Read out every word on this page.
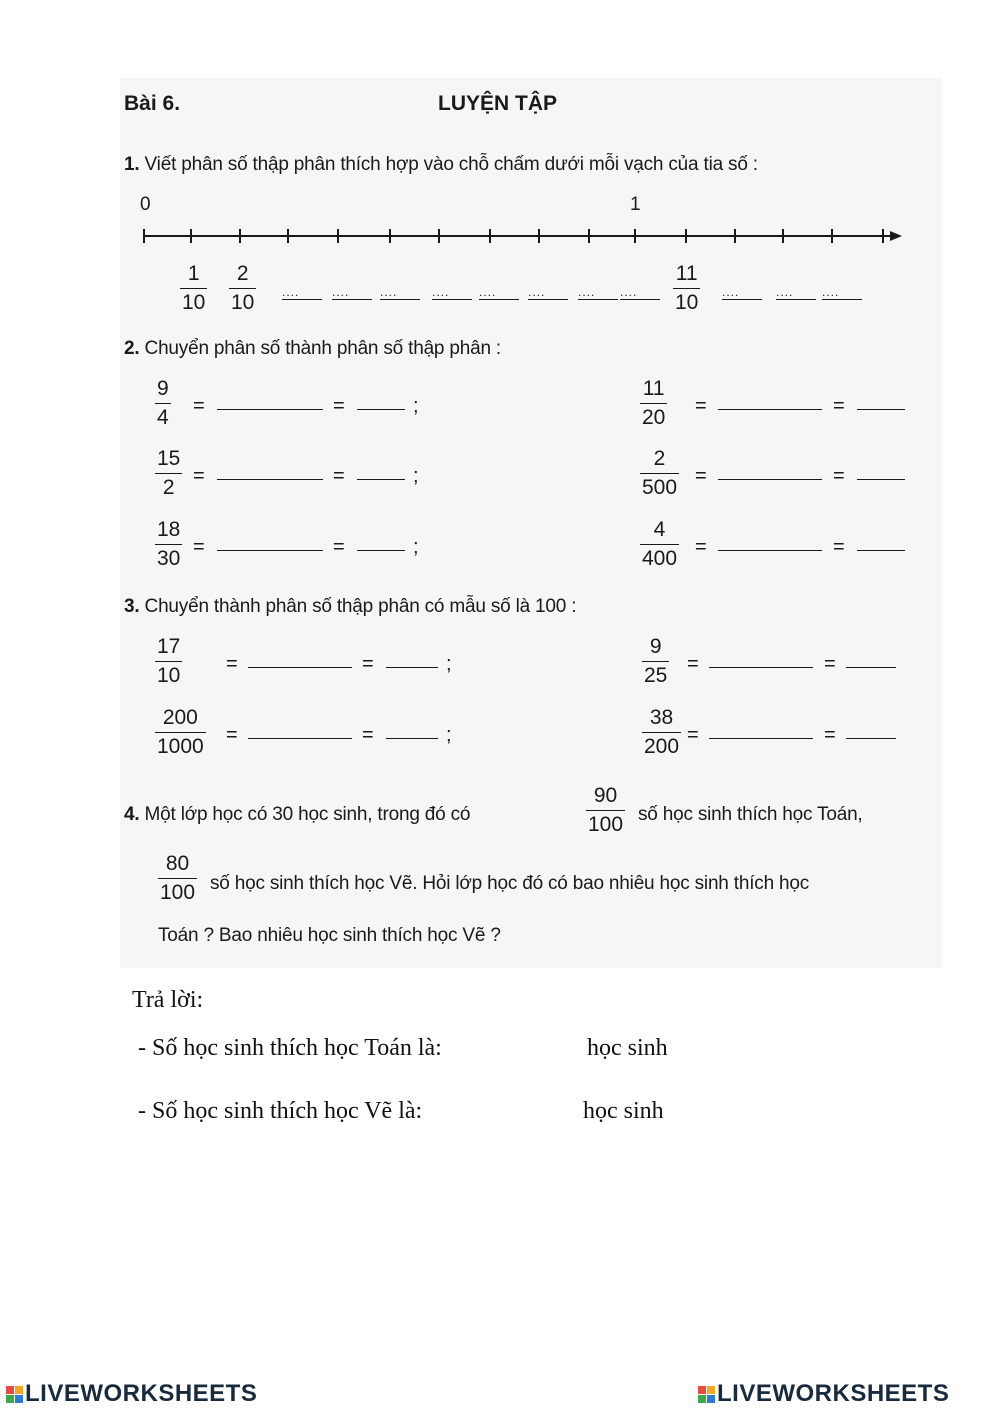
Bài 6.	LUYỆN TẬP
1. Viết phân số thập phân thích hợp vào chỗ chấm dưới mỗi vạch của tia số :
0	1
1
10
2
10
11
10
....	....	....	....	....	....	....	....	....	....	....
2. Chuyển phân số thành phân số thập phân :
9
4 =	=	;
11
20 =	=
15
2 =	=	;
2
500 =	=
18
30 =	=	;
4
400 =	=
3. Chuyển thành phân số thập phân có mẫu số là 100 :
17
10 =	=	;
9
25 =	=
200
1000 =	=	;
38
200 =	=
4. Một lớp học có 30 học sinh, trong đó có
90
100 số học sinh thích học Toán,
80
100 số học sinh thích học Vẽ. Hỏi lớp học đó có bao nhiêu học sinh thích học
Toán ? Bao nhiêu học sinh thích học Vẽ ?
Trả lời:
- Số học sinh thích học Toán là:	học sinh
- Số học sinh thích học Vẽ là:	học sinh
LIVEWORKSHEETS	LIVEWORKSHEETS
